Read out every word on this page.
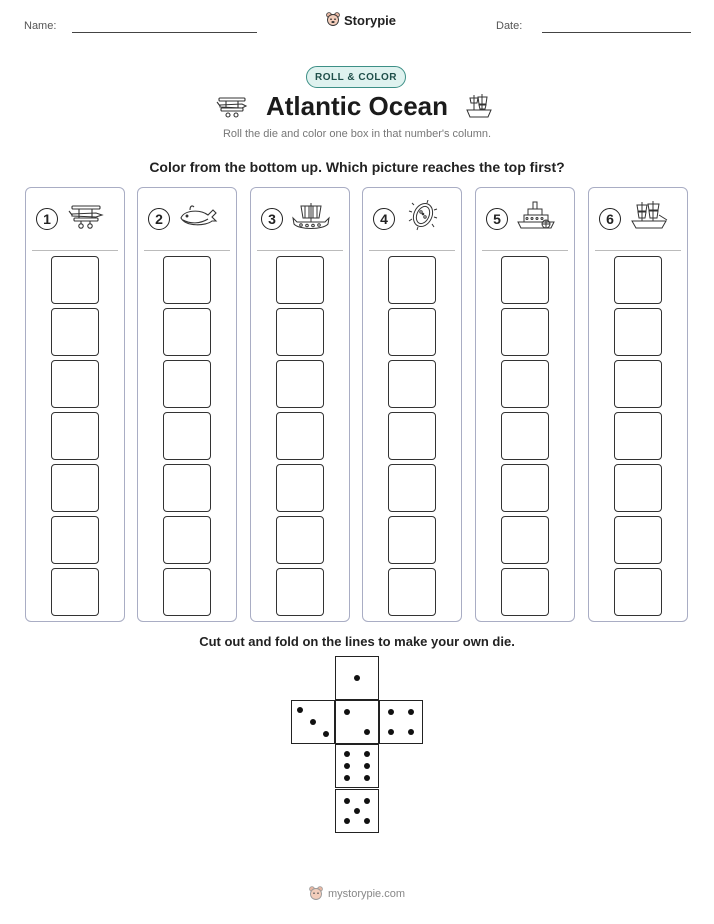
Name:	Storypie	Date:
ROLL & COLOR
Atlantic Ocean
Roll the die and color one box in that number's column.
Color from the bottom up. Which picture reaches the top first?
1	2	3	4	5	6
Cut out and fold on the lines to make your own die.
mystorypie.com
